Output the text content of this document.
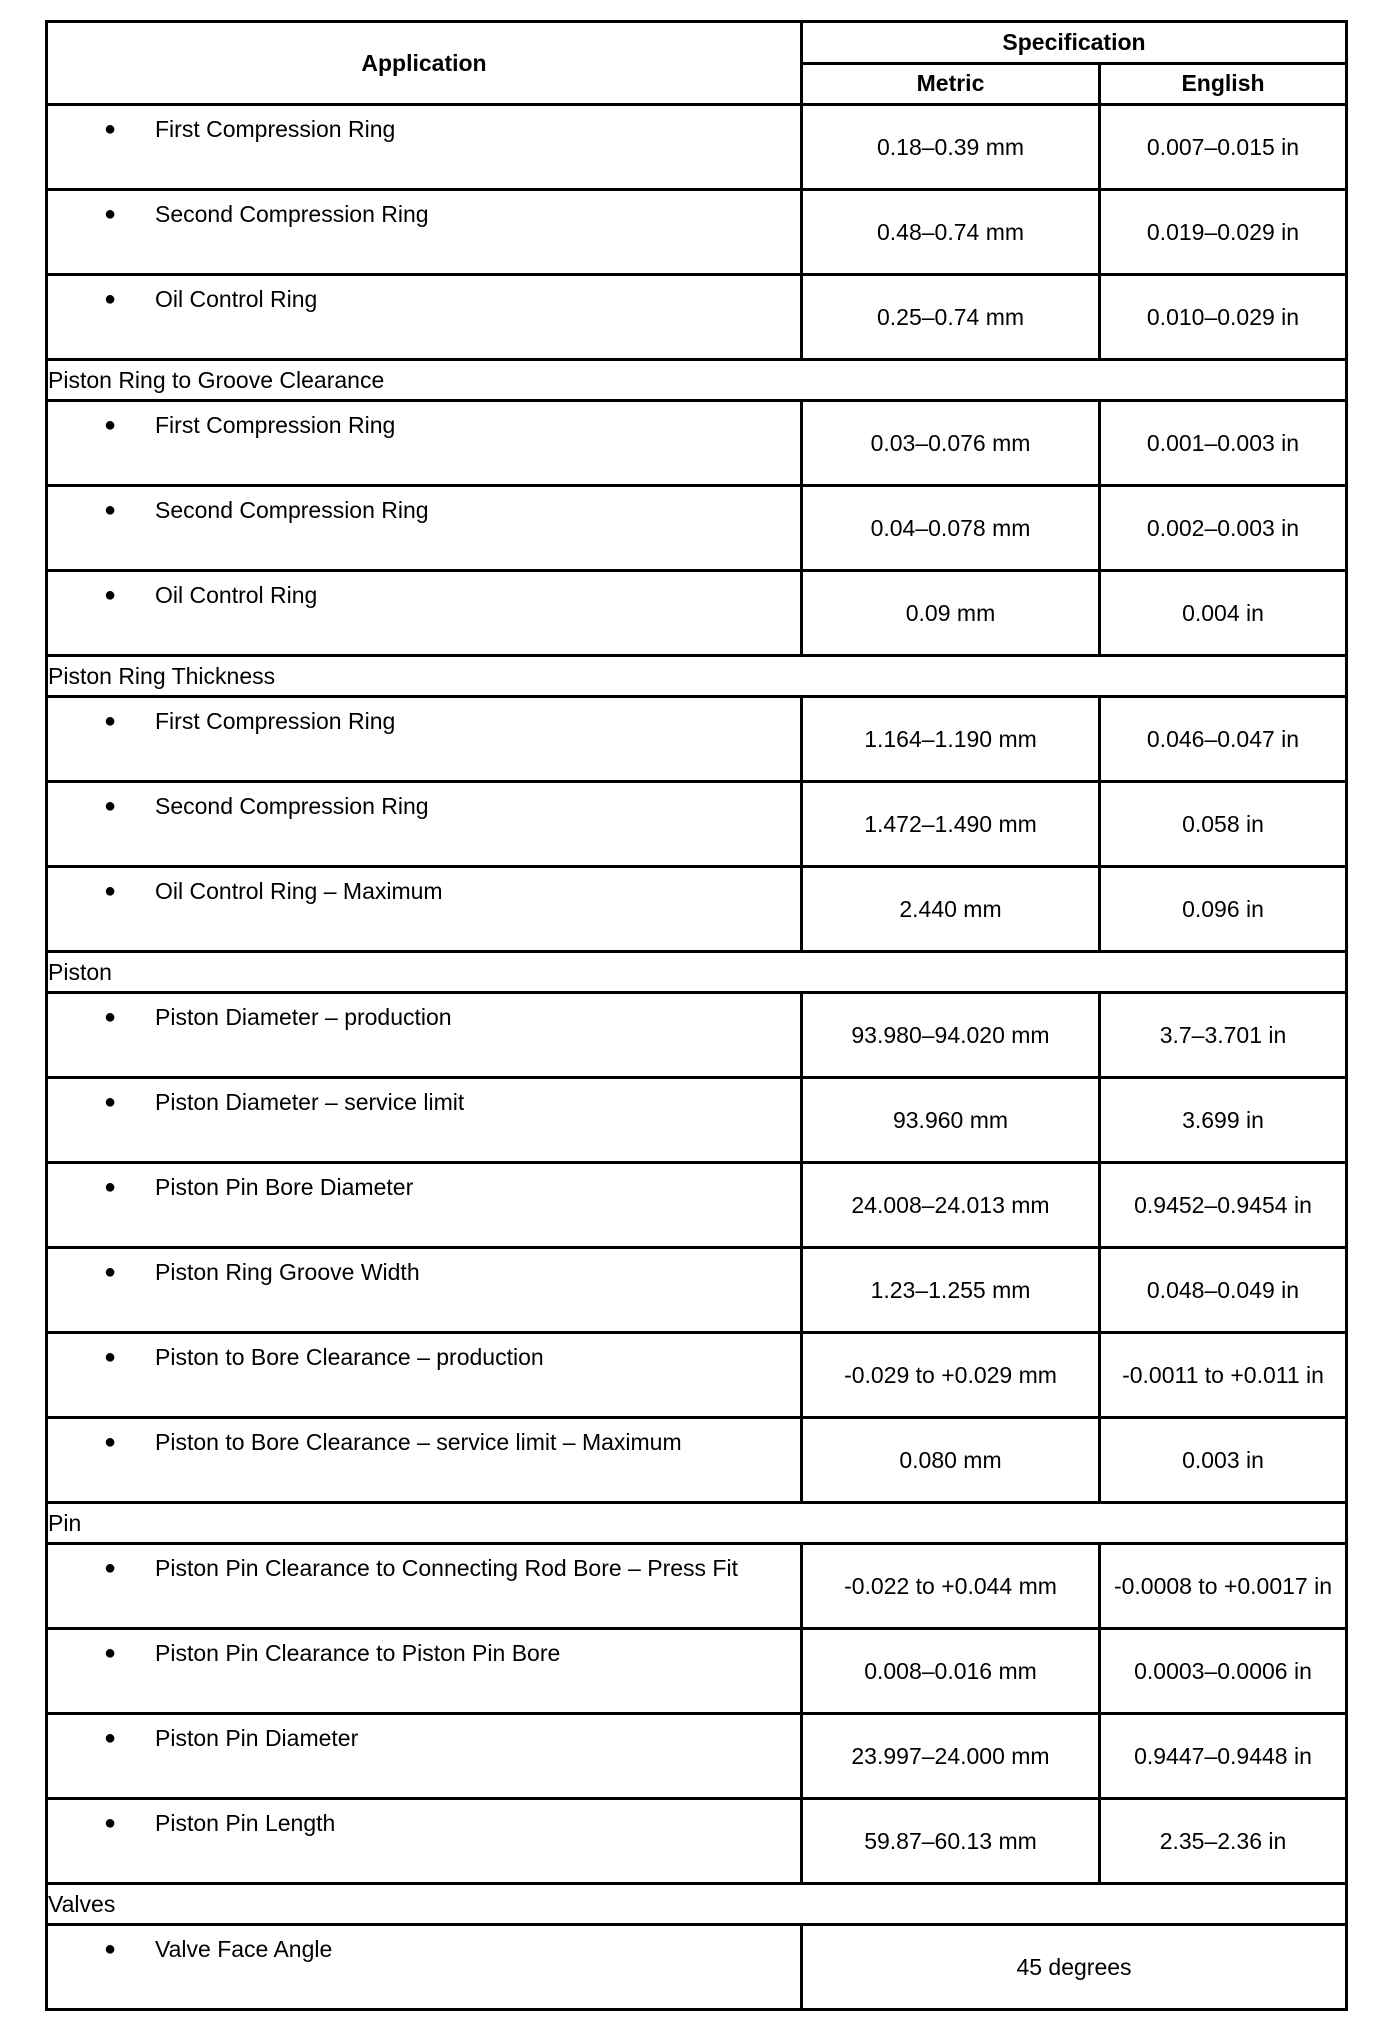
Application	Specification	
	Metric	English

● First Compression Ring	0.18–0.39 mm	0.007–0.015 in

● Second Compression Ring	0.48–0.74 mm	0.019–0.029 in

● Oil Control Ring	0.25–0.74 mm	0.010–0.029 in
Piston Ring to Groove Clearance		

● First Compression Ring	0.03–0.076 mm	0.001–0.003 in

● Second Compression Ring	0.04–0.078 mm	0.002–0.003 in

● Oil Control Ring	0.09 mm	0.004 in
Piston Ring Thickness		

● First Compression Ring	1.164–1.190 mm	0.046–0.047 in

● Second Compression Ring	1.472–1.490 mm	0.058 in

● Oil Control Ring – Maximum	2.440 mm	0.096 in
Piston		

● Piston Diameter – production	93.980–94.020 mm	3.7–3.701 in

● Piston Diameter – service limit	93.960 mm	3.699 in

● Piston Pin Bore Diameter	24.008–24.013 mm	0.9452–0.9454 in

● Piston Ring Groove Width	1.23–1.255 mm	0.048–0.049 in

● Piston to Bore Clearance – production	-0.029 to +0.029 mm	-0.0011 to +0.011 in

● Piston to Bore Clearance – service limit – Maximum	0.080 mm	0.003 in
Pin		

● Piston Pin Clearance to Connecting Rod Bore – Press Fit	-0.022 to +0.044 mm	-0.0008 to +0.0017 in

● Piston Pin Clearance to Piston Pin Bore	0.008–0.016 mm	0.0003–0.0006 in

● Piston Pin Diameter	23.997–24.000 mm	0.9447–0.9448 in

● Piston Pin Length	59.87–60.13 mm	2.35–2.36 in
Valves		

● Valve Face Angle	45 degrees	
